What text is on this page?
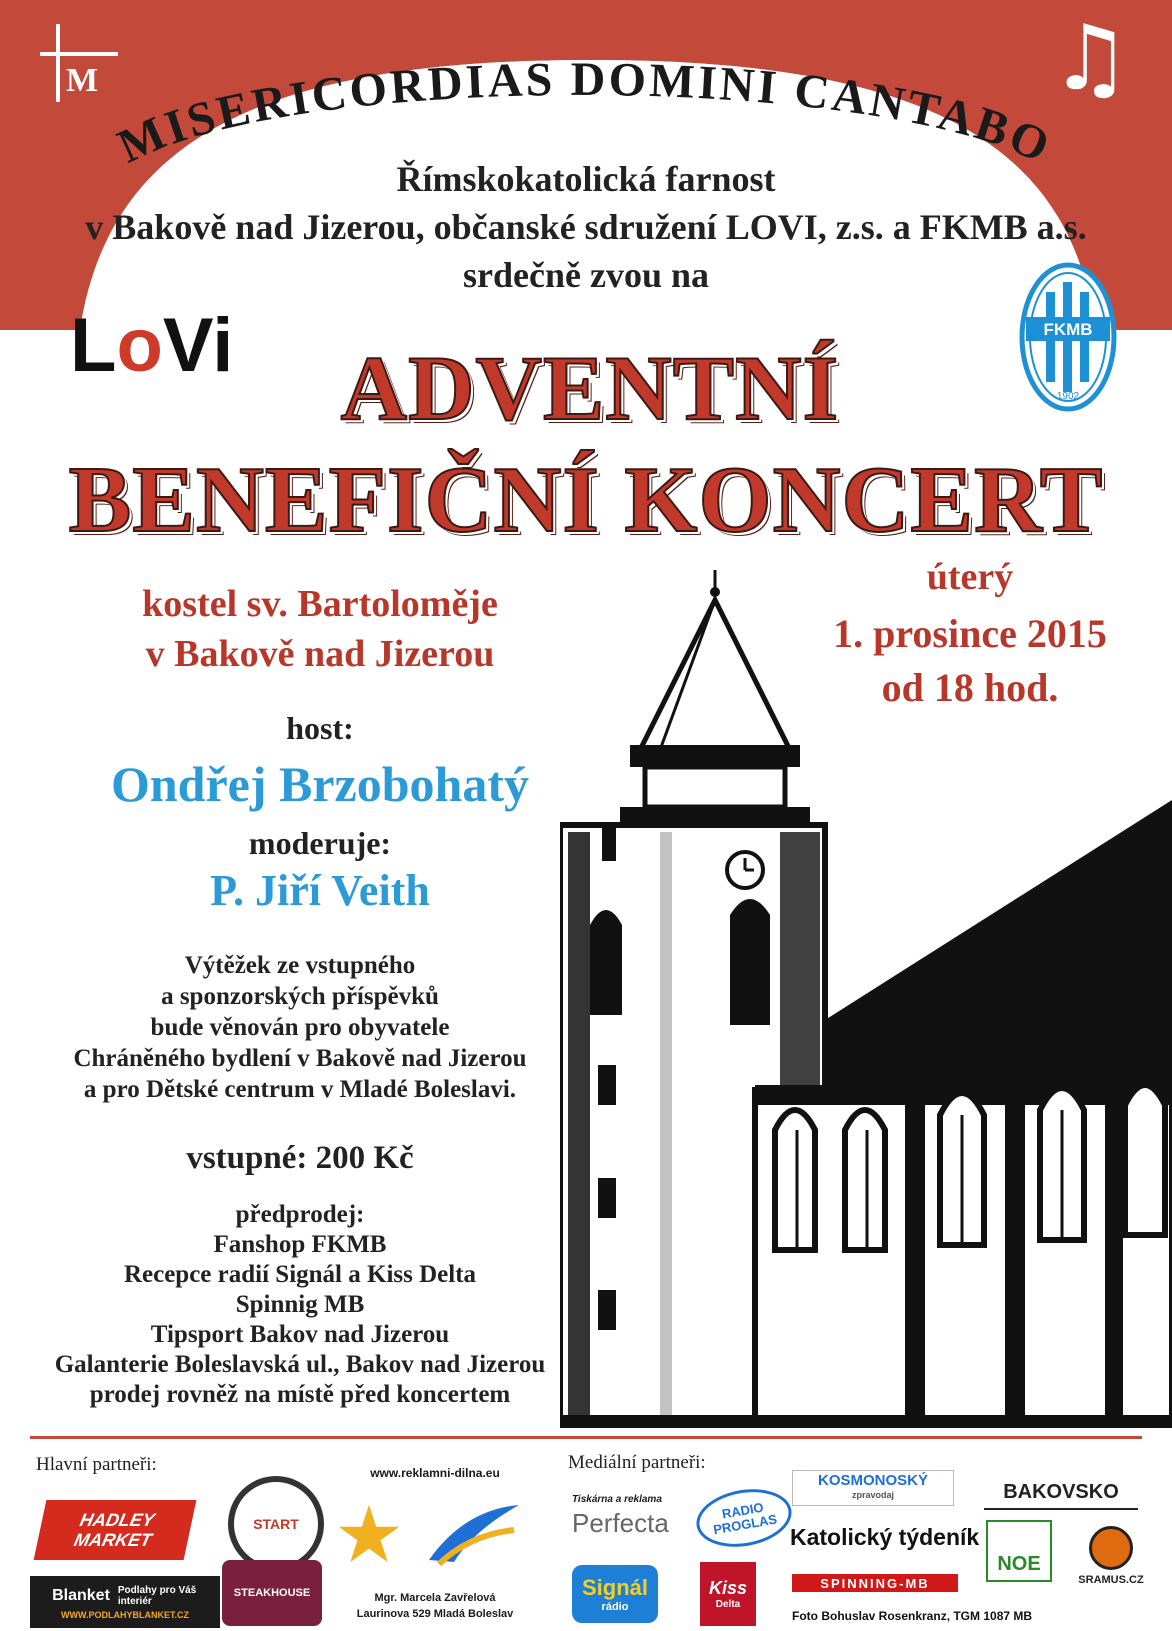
M	♫
MISERICORDIAS DOMINI CANTABO
Římskokatolická farnost
v Bakově nad Jizerou, občanské sdružení LOVI, z.s. a FKMB a.s.
srdečně zvou na
LoVi	FKMB
1902
ADVENTNÍ
BENEFIČNÍ KONCERT
kostel sv. Bartoloměje
v Bakově nad Jizerou
úterý
1. prosince 2015
od 18 hod.
host:
Ondřej Brzobohatý
moderuje:
P. Jiří Veith
Výtěžek ze vstupného
a sponzorských příspěvků
bude věnován pro obyvatele
Chráněného bydlení v Bakově nad Jizerou
a pro Dětské centrum v Mladé Boleslavi.
vstupné: 200 Kč
předprodej:
Fanshop FKMB
Recepce radií Signál a Kiss Delta
Spinnig MB
Tipsport Bakov nad Jizerou
Galanterie Boleslavská ul., Bakov nad Jizerou
prodej rovněž na místě před koncertem
Hlavní partneři:	Mediální partneři:
HADLEY MARKET
Blanket Podlahy pro Váš interiér
WWW.PODLAHYBLANKET.CZ
START
STEAKHOUSE
www.reklamni-dilna.eu
★
Mgr. Marcela Zavřelová
Laurinova 529 Mladá Boleslav
Tiskárna a reklama
Perfecta	RADIO PROGLAS
Signál
rádio
Kiss
Delta
KOSMONOSKÝ
zpravodaj	BAKOVSKO
Katolický týdeník
SPINNING-MB
NOE
SRAMUS.CZ
Foto Bohuslav Rosenkranz, TGM 1087 MB
